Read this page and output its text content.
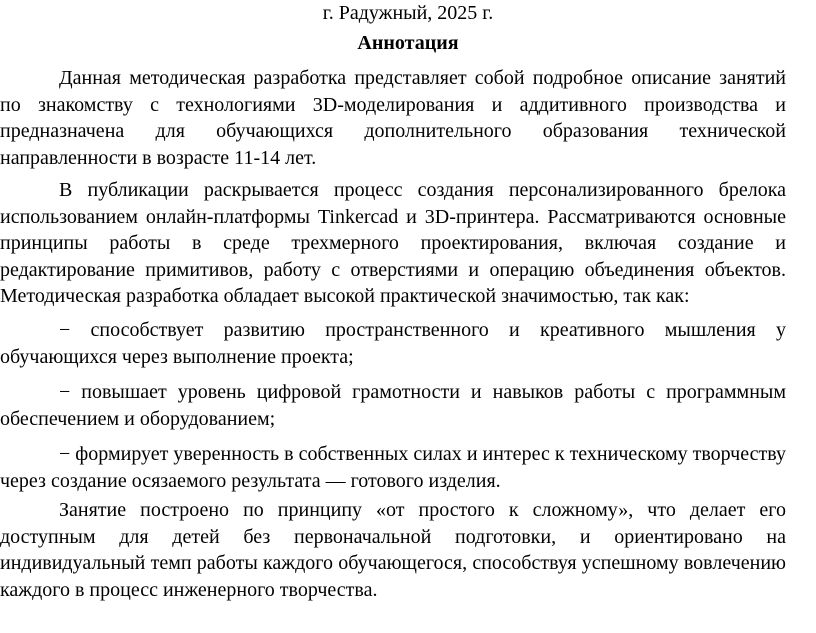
г. Радужный, 2025 г.
Аннотация

Данная методическая разработка представляет собой подробное описание занятий по знакомству с технологиями 3D-моделирования и аддитивного производства и предназначена для обучающихся дополнительного образования технической направленности в возрасте 11-14 лет.

В публикации раскрывается процесс создания персонализированного брелока использованием онлайн-платформы Tinkercad и 3D-принтера. Рассматриваются основные принципы работы в среде трехмерного проектирования, включая создание и редактирование примитивов, работу с отверстиями и операцию объединения объектов. Методическая разработка обладает высокой практической значимостью, так как:

− способствует развитию пространственного и креативного мышления у обучающихся через выполнение проекта;

− повышает уровень цифровой грамотности и навыков работы с программным обеспечением и оборудованием;

− формирует уверенность в собственных силах и интерес к техническому творчеству через создание осязаемого результата — готового изделия.

Занятие построено по принципу «от простого к сложному», что делает его доступным для детей без первоначальной подготовки, и ориентировано на индивидуальный темп работы каждого обучающегося, способствуя успешному вовлечению каждого в процесс инженерного творчества.
